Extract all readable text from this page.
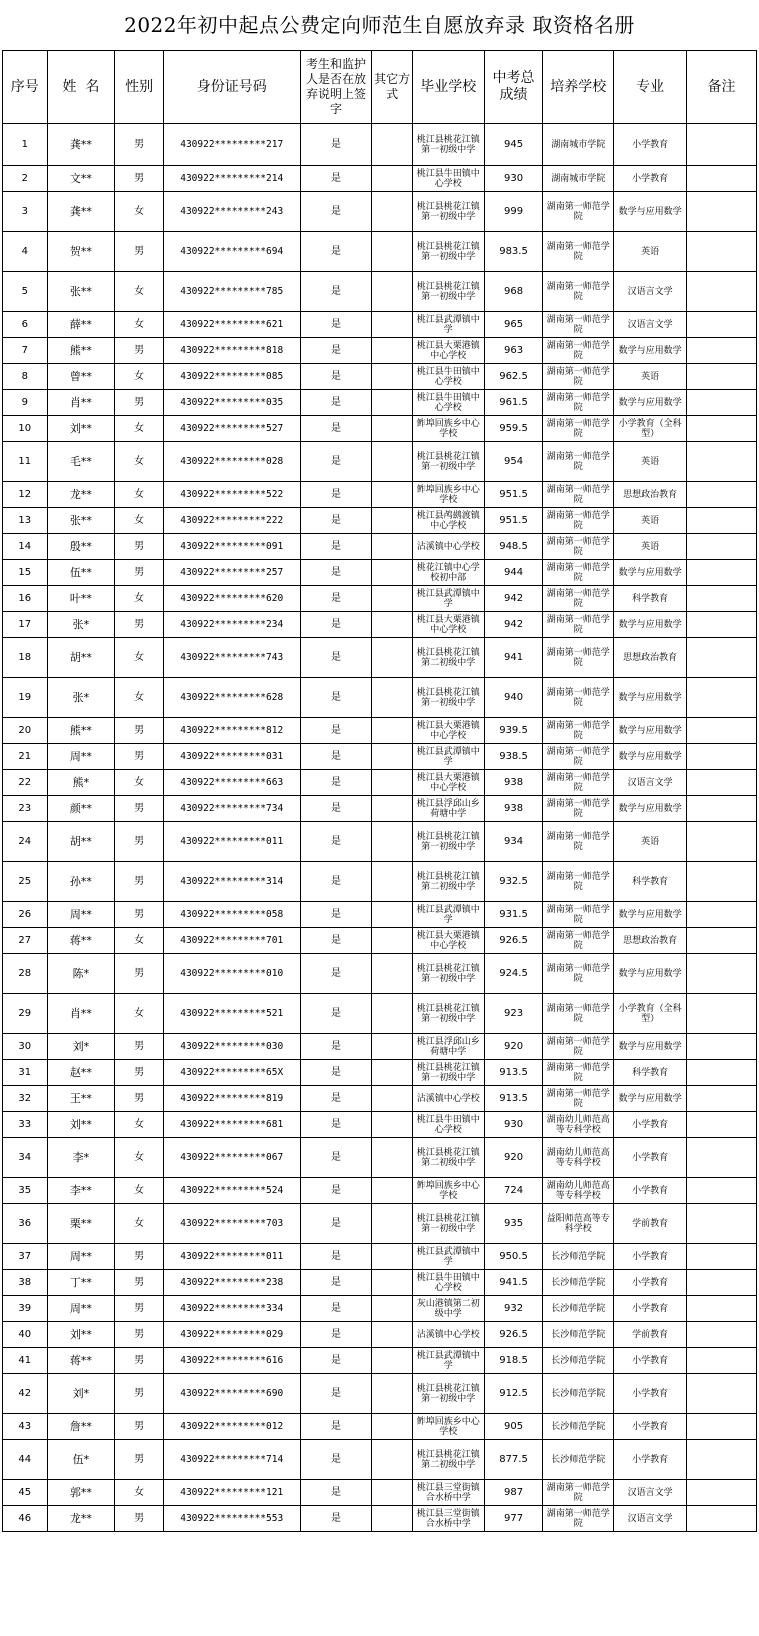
2022年初中起点公费定向师范生自愿放弃录 取资格名册
序号	姓  名	性别	身份证号码	考生和监护人是否在放弃说明上签字	其它方式	毕业学校	中考总成绩	培养学校	专业	备注
1	龚**	男	430922*********217	是		桃江县桃花江镇第一初级中学	945	湖南城市学院	小学教育	
2	文**	男	430922*********214	是		桃江县牛田镇中心学校	930	湖南城市学院	小学教育	
3	龚**	女	430922*********243	是		桃江县桃花江镇第一初级中学	999	湖南第一师范学院	数学与应用数学	
4	贺**	男	430922*********694	是		桃江县桃花江镇第一初级中学	983.5	湖南第一师范学院	英语	
5	张**	女	430922*********785	是		桃江县桃花江镇第一初级中学	968	湖南第一师范学院	汉语言文学	
6	薛**	女	430922*********621	是		桃江县武潭镇中学	965	湖南第一师范学院	汉语言文学	
7	熊**	男	430922*********818	是		桃江县大栗港镇中心学校	963	湖南第一师范学院	数学与应用数学	
8	曾**	女	430922*********085	是		桃江县牛田镇中心学校	962.5	湖南第一师范学院	英语	
9	肖**	男	430922*********035	是		桃江县牛田镇中心学校	961.5	湖南第一师范学院	数学与应用数学	
10	刘**	女	430922*********527	是		鲊埠回族乡中心学校	959.5	湖南第一师范学院	小学教育（全科型）	
11	毛**	女	430922*********028	是		桃江县桃花江镇第一初级中学	954	湖南第一师范学院	英语	
12	龙**	女	430922*********522	是		鲊埠回族乡中心学校	951.5	湖南第一师范学院	思想政治教育	
13	张**	女	430922*********222	是		桃江县鸬鹚渡镇中心学校	951.5	湖南第一师范学院	英语	
14	殷**	男	430922*********091	是		沾溪镇中心学校	948.5	湖南第一师范学院	英语	
15	伍**	男	430922*********257	是		桃花江镇中心学校初中部	944	湖南第一师范学院	数学与应用数学	
16	叶**	女	430922*********620	是		桃江县武潭镇中学	942	湖南第一师范学院	科学教育	
17	张*	男	430922*********234	是		桃江县大栗港镇中心学校	942	湖南第一师范学院	数学与应用数学	
18	胡**	女	430922*********743	是		桃江县桃花江镇第二初级中学	941	湖南第一师范学院	思想政治教育	
19	张*	女	430922*********628	是		桃江县桃花江镇第一初级中学	940	湖南第一师范学院	数学与应用数学	
20	熊**	男	430922*********812	是		桃江县大栗港镇中心学校	939.5	湖南第一师范学院	数学与应用数学	
21	周**	男	430922*********031	是		桃江县武潭镇中学	938.5	湖南第一师范学院	数学与应用数学	
22	熊*	女	430922*********663	是		桃江县大栗港镇中心学校	938	湖南第一师范学院	汉语言文学	
23	颜**	男	430922*********734	是		桃江县浮邱山乡荷塘中学	938	湖南第一师范学院	数学与应用数学	
24	胡**	男	430922*********011	是		桃江县桃花江镇第一初级中学	934	湖南第一师范学院	英语	
25	孙**	男	430922*********314	是		桃江县桃花江镇第二初级中学	932.5	湖南第一师范学院	科学教育	
26	周**	男	430922*********058	是		桃江县武潭镇中学	931.5	湖南第一师范学院	数学与应用数学	
27	蒋**	女	430922*********701	是		桃江县大栗港镇中心学校	926.5	湖南第一师范学院	思想政治教育	
28	陈*	男	430922*********010	是		桃江县桃花江镇第一初级中学	924.5	湖南第一师范学院	数学与应用数学	
29	肖**	女	430922*********521	是		桃江县桃花江镇第一初级中学	923	湖南第一师范学院	小学教育（全科型）	
30	刘*	男	430922*********030	是		桃江县浮邱山乡荷塘中学	920	湖南第一师范学院	数学与应用数学	
31	赵**	男	430922*********65X	是		桃江县桃花江镇第一初级中学	913.5	湖南第一师范学院	科学教育	
32	王**	男	430922*********819	是		沾溪镇中心学校	913.5	湖南第一师范学院	数学与应用数学	
33	刘**	女	430922*********681	是		桃江县牛田镇中心学校	930	湖南幼儿师范高等专科学校	小学教育	
34	李*	女	430922*********067	是		桃江县桃花江镇第二初级中学	920	湖南幼儿师范高等专科学校	小学教育	
35	李**	女	430922*********524	是		鲊埠回族乡中心学校	724	湖南幼儿师范高等专科学校	小学教育	
36	栗**	女	430922*********703	是		桃江县桃花江镇第一初级中学	935	益阳师范高等专科学校	学前教育	
37	周**	男	430922*********011	是		桃江县武潭镇中学	950.5	长沙师范学院	小学教育	
38	丁**	男	430922*********238	是		桃江县牛田镇中心学校	941.5	长沙师范学院	小学教育	
39	周**	男	430922*********334	是		灰山港镇第二初级中学	932	长沙师范学院	小学教育	
40	刘**	男	430922*********029	是		沾溪镇中心学校	926.5	长沙师范学院	学前教育	
41	蒋**	男	430922*********616	是		桃江县武潭镇中学	918.5	长沙师范学院	小学教育	
42	刘*	男	430922*********690	是		桃江县桃花江镇第一初级中学	912.5	长沙师范学院	小学教育	
43	詹**	男	430922*********012	是		鲊埠回族乡中心学校	905	长沙师范学院	小学教育	
44	伍*	男	430922*********714	是		桃江县桃花江镇第二初级中学	877.5	长沙师范学院	小学教育	
45	郭**	女	430922*********121	是		桃江县三堂街镇合水桥中学	987	湖南第一师范学院	汉语言文学	
46	龙**	男	430922*********553	是		桃江县三堂街镇合水桥中学	977	湖南第一师范学院	汉语言文学	
